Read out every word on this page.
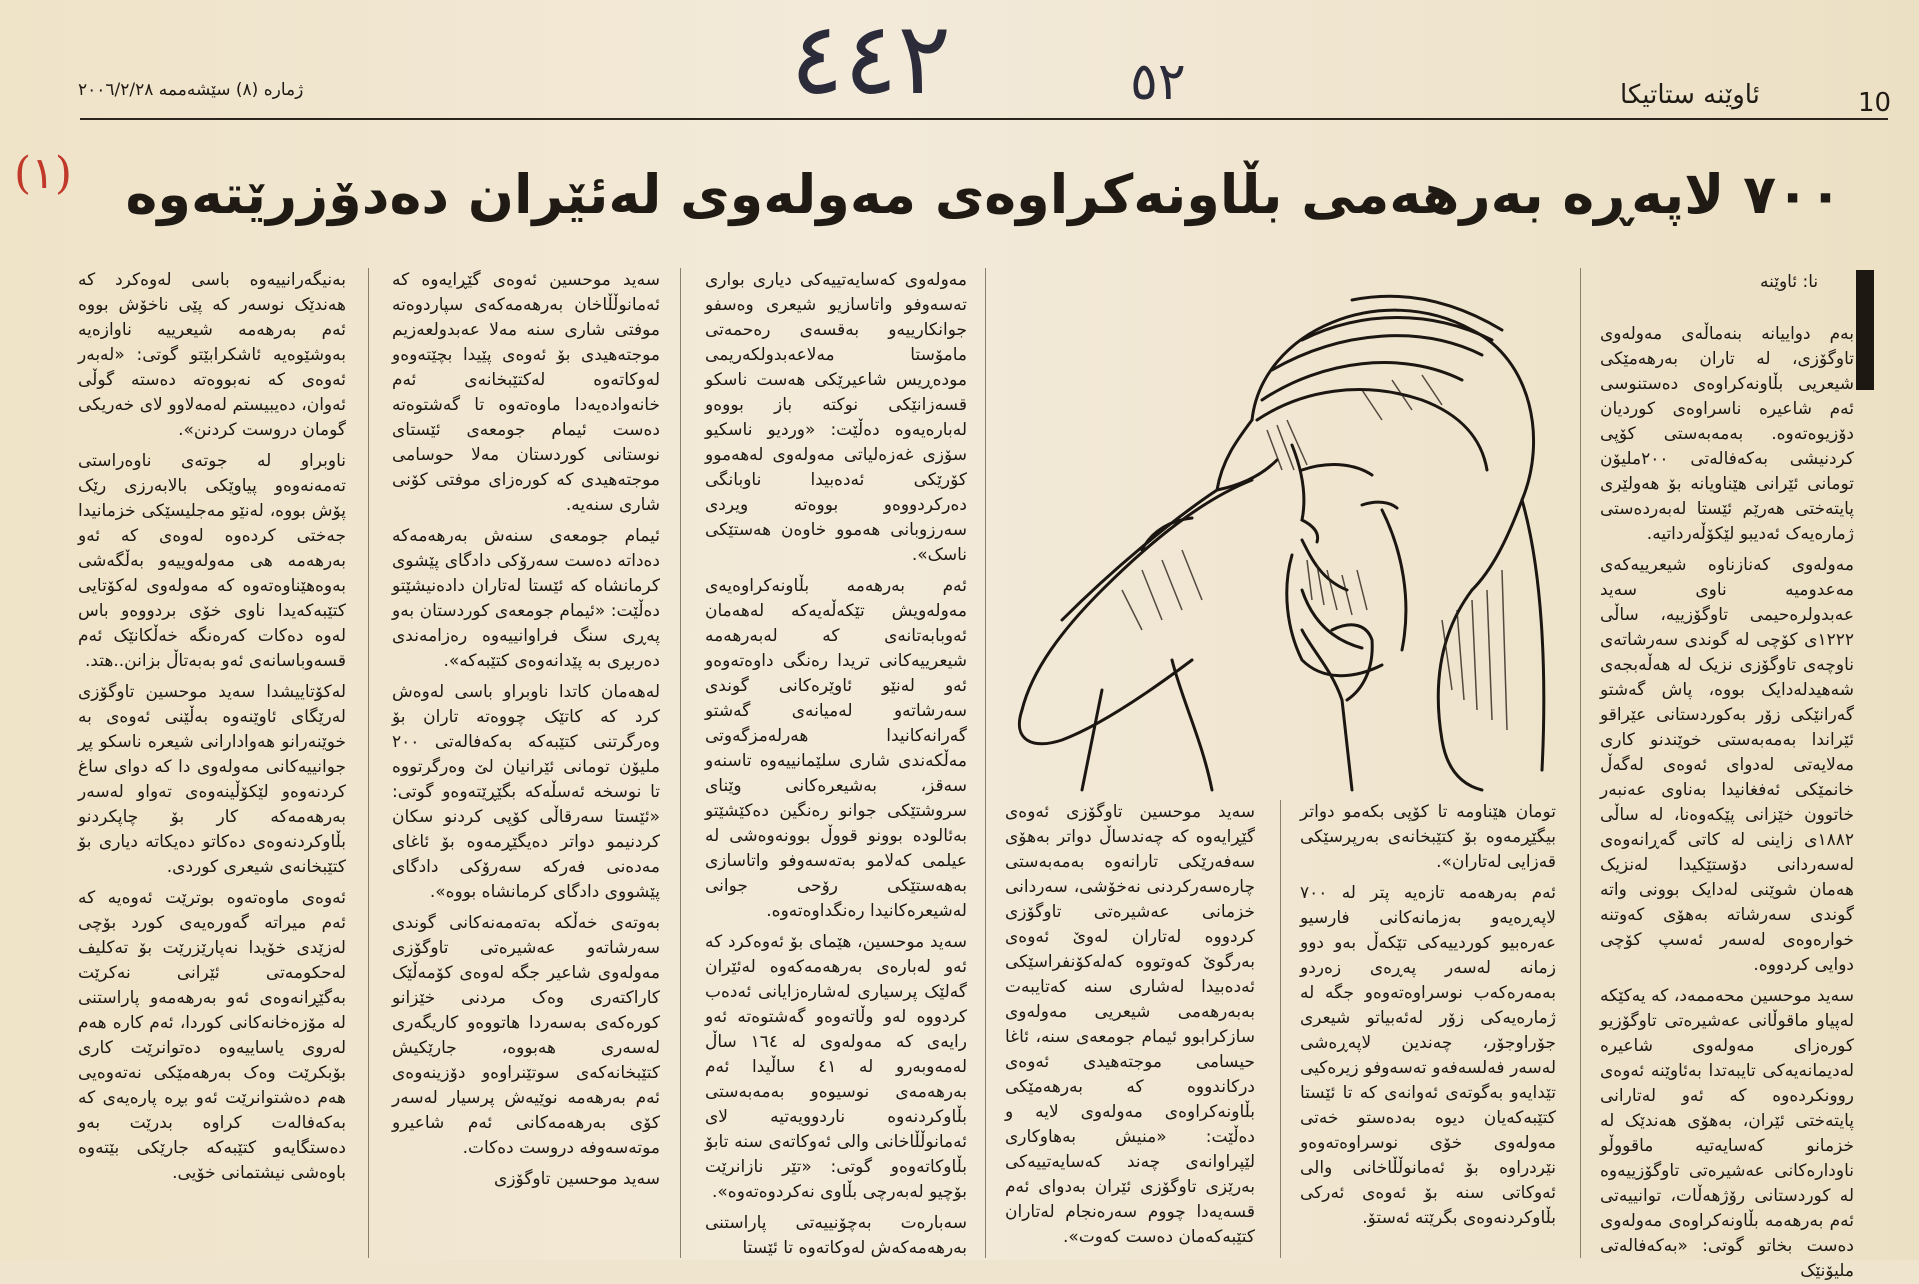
٤٤٢	٥٢
ژمارە (٨) سێشەممە ٢٠٠٦/٢/٢٨	ئاوێنە ستاتیکا	10
(١) ٧٠٠ لاپەڕە بەرهەمی بڵاونەکراوەی مەولەوی لەئێران دەدۆزرێتەوە
نا: ئاوێنە

بەم دواییانە بنەماڵەی مەولەوی تاوگۆزی، لە تاران بەرهەمێکی شیعریی بڵاونەکراوەی دەستنوسی ئەم شاعیرە ناسراوەی کوردیان دۆزیوەتەوە. بەمەبەستی کۆپی کردنیشی بەکەفالەتی ٢٠٠ملیۆن تومانی ئێرانی هێناویانە بۆ هەولێری پایتەختی هەرێم ئێستا لەبەردەستی ژمارەیەک ئەدیبو لێکۆڵەرداتیە.

مەولەوی کەنازناوە شیعرییەکەی مەعدومیە ناوی سەید عەبدولرەحیمی تاوگۆزییە، ساڵی ١٢٢٢ی کۆچی لە گوندی سەرشاتەی ناوچەی تاوگۆزی نزیک لە هەڵەبجەی شەهیدلەدایک بووە، پاش گەشتو گەرانێکی زۆر بەکوردستانی عێراقو ئێراندا بەمەبەستی خوێندنو کاری مەلایەتی لەدوای ئەوەی لەگەڵ خانمێکی ئەفغانیدا بەناوی عەنبەر خاتوون خێزانی پێکەوەنا، لە ساڵی ١٨٨٢ی زاینی لە کاتی گەڕانەوەی لەسەردانی دۆستێکیدا لەنزیک هەمان شوێنی لەدایک بوونی واتە گوندی سەرشاتە بەهۆی کەوتنە خوارەوەی لەسەر ئەسپ کۆچی دوایی کردووە.

سەید موحسین محەممەد، کە یەکێکە لەپیاو ماقوڵانی عەشیرەتی تاوگۆزیو کورەزای مەولەوی شاعیرە لەدیمانەیەکی تایبەتدا بەئاوێنە ئەوەی روونکردەوە کە ئەو لەتارانی پایتەختی ئێران، بەهۆی هەندێک لە خزمانو کەسایەتیە ماقووڵو ناودارەکانی عەشیرەتی تاوگۆزییەوە لە کوردستانی رۆژهەڵات، توانییەتی ئەم بەرهەمە بڵاونەکراوەی مەولەوی دەست بخاتو گوتی: «بەکەفالەتی ملیۆنێک

تومان هێناومە تا کۆپی بکەمو دواتر بیگێڕمەوە بۆ کتێبخانەی بەرپرسێکی قەزایی لەتاران».

ئەم بەرهەمە تازەیە پتر لە ٧٠٠ لاپەڕەیەو بەزمانەکانی فارسیو عەرەبیو کوردییەکی تێکەڵ بەو دوو زمانە لەسەر پەڕەی زەردو بەمەرەکەب نوسراوەتەوەو جگە لە ژمارەیەکی زۆر لەئەبیاتو شیعری جۆراوجۆر، چەندین لاپەڕەشی لەسەر فەلسەفەو تەسەوفو زیرەکیی تێدایەو بەگوتەی ئەوانەی کە تا ئێستا کتێبەکەیان دیوە بەدەستو خەتی مەولەوی خۆی نوسراوەتەوەو نێردراوە بۆ ئەمانوڵڵاخانی والی ئەوکاتی سنە بۆ ئەوەی ئەرکی بڵاوکردنەوەی بگرێتە ئەستۆ.

سەید موحسین تاوگۆزی ئەوەی گێڕایەوە کە چەندساڵ دواتر بەهۆی سەفەرێکی تارانەوە بەمەبەستی چارەسەرکردنی نەخۆشی، سەردانی خزمانی عەشیرەتی تاوگۆزی کردووە لەتاران لەوێ ئەوەی بەرگوێ کەوتووە کەلەکۆنفراسێکی ئەدەبیدا لەشاری سنە کەتایبەت بەبەرهەمی شیعریی مەولەوی سازکرابوو ئیمام جومعەی سنە، ئاغا حیسامی موجتەهیدی ئەوەی درکاندووە کە بەرهەمێکی بڵاونەکراوەی مەولەوی لایە و دەڵێت: «منیش بەهاوکاری لێپراوانەی چەند کەسایەتییەکی بەرێزی تاوگۆزی ئێران بەدوای ئەم قسەیەدا چووم سەرەنجام لەتاران کتێبەکەمان دەست کەوت».

مەولەوی کەسایەتییەکی دیاری بواری تەسەوفو واتاسازیو شیعری وەسفو جوانکارییەو بەقسەی رەحمەتی مامۆستا مەلاعەبدولکەریمی مودەڕیس شاعیرێکی هەست ناسکو قسەزانێکی نوکتە باز بووەو لەبارەیەوە دەڵێت: «وردیو ناسکیو سۆزی غەزەلیاتی مەولەوی لەهەموو کۆرێکی ئەدەبیدا ناوبانگی دەرکردووەو بووەتە ویردی سەرزوبانی هەموو خاوەن هەستێکی ناسک».

ئەم بەرهەمە بڵاونەکراوەیەی مەولەویش تێکەڵەیەکە لەهەمان ئەوبابەتانەی کە لەبەرهەمە شیعرییەکانی تریدا رەنگی داوەتەوەو ئەو لەنێو ئاوێرەکانی گوندی سەرشاتەو لەمیانەی گەشتو گەرانەکانیدا هەرلەمزگەوتی مەڵکەندی شاری سلێمانییەوە تاسنەو سەقز، بەشیعرەکانی وێنای سروشتێکی جوانو رەنگین دەکێشێتو بەئالودە بوونو قووڵ بوونەوەشی لە عیلمی کەلامو بەتەسەوفو واتاسازی بەهەستێکی رۆحی جوانی لەشیعرەکانیدا رەنگداوەتەوە.

سەید موحسین، هێمای بۆ ئەوەکرد کە ئەو لەبارەی بەرهەمەکەوە لەئێران گەلێک پرسیاری لەشارەزایانی ئەدەب کردووە لەو وڵاتەوەو گەشتوەتە ئەو رایەی کە مەولەوی لە ١٦٤ ساڵ لەمەوبەرو لە ٤١ ساڵیدا ئەم بەرهەمەی نوسیوەو بەمەبەستی بڵاوکردنەوە ناردوویەتیە لای ئەمانوڵڵاخانی والی ئەوکاتەی سنە تابۆ بڵاوکاتەوەو گوتی: «تێر نازانرێت بۆچیو لەبەرچی بڵاوی نەکردوەتەوە».

سەبارەت بەچۆنییەتی پاراستنی بەرهەمەکەش لەوکاتەوە تا ئێستا

سەید موحسین ئەوەی گێڕایەوە کە ئەمانوڵڵاخان بەرهەمەکەی سپاردوەتە موفتی شاری سنە مەلا عەبدولعەزیم موجتەهیدی بۆ ئەوەی پێیدا بچێتەوەو لەوکاتەوە لەکتێبخانەی ئەم خانەوادەیەدا ماوەتەوە تا گەشتوەتە دەست ئیمام جومعەی ئێستای نوستانی کوردستان مەلا حوسامی موجتەهیدی کە کورەزای موفتی کۆنی شاری سنەیە.

ئیمام جومعەی سنەش بەرهەمەکە دەداتە دەست سەرۆکی دادگای پێشوی کرمانشاە کە ئێستا لەتاران دادەنیشێتو دەڵێت: «ئیمام جومعەی کوردستان بەو پەڕی سنگ فراوانییەوە رەزامەندی دەربڕی بە پێدانەوەی کتێبەکە».

لەهەمان کاتدا ناوبراو باسی لەوەش کرد کە کاتێک چووەتە تاران بۆ وەرگرتنی کتێبەکە بەکەفالەتی ٢٠٠ ملیۆن تومانی ئێرانیان لێ وەرگرتووە تا نوسخە ئەسڵەکە بگێڕێتەوەو گوتی: «ئێستا سەرقاڵی کۆپی کردنو سکان کردنیمو دواتر دەیگێڕمەوە بۆ ئاغای مەدەنی فەرکە سەرۆکی دادگای پێشووی دادگای کرمانشاە بووە».

بەوتەی خەڵکە بەتەمەنەکانی گوندی سەرشاتەو عەشیرەتی تاوگۆزی مەولەوی شاعیر جگە لەوەی کۆمەڵێک کاراکتەری وەک مردنی خێزانو کورەکەی بەسەردا هاتووەو کاریگەری لەسەری هەبووە، جارێکیش کتێبخانەکەی سوتێنراوەو دۆزینەوەی ئەم بەرهەمە نوێیەش پرسیار لەسەر کۆی بەرهەمەکانی ئەم شاعیرو موتەسەوفە دروست دەکات.

سەید موحسین تاوگۆزی

بەنیگەرانییەوە باسی لەوەکرد کە هەندێک نوسەر کە پێی ناخۆش بووە ئەم بەرهەمە شیعرییە ناوازەیە بەوشێوەیە ئاشکرابێتو گوتی: «لەبەر ئەوەی کە نەبووەتە دەستە گوڵی ئەوان، دەیبیستم لەمەلاوو لای خەریکی گومان دروست کردنن».

ناوبراو لە جوتەی ناوەراستی تەمەنەوەو پیاوێکی بالابەرزی رێک پۆش بووە، لەنێو مەجلیسێکی خزمانیدا جەختی کردەوە لەوەی کە ئەو بەرهەمە هی مەولەوییەو بەڵگەشی بەوەهێناوەتەوە کە مەولەوی لەکۆتایی کتێبەکەیدا ناوی خۆی بردووەو باس لەوە دەکات کەرەنگە خەڵکانێک ئەم قسەوباسانەی ئەو بەبەتاڵ بزانن..هتد.

لەکۆتاییشدا سەید موحسین تاوگۆزی لەرێگای ئاوێنەوە بەڵێنی ئەوەی بە خوێنەرانو هەوادارانی شیعرە ناسکو پڕ جوانییەکانی مەولەوی دا کە دوای ساغ کردنەوەو لێکۆڵینەوەی تەواو لەسەر بەرهەمەکە کار بۆ چاپکردنو بڵاوکردنەوەی دەکاتو دەیکاتە دیاری بۆ کتێبخانەی شیعری کوردی.

ئەوەی ماوەتەوە بوترێت ئەوەیە کە ئەم میراتە گەورەیەی کورد بۆچی لەزێدی خۆیدا نەپارێزرێت بۆ تەکلیف لەحکومەتی ئێرانی نەکرێت بەگێڕانەوەی ئەو بەرهەمەو پاراستنی لە مۆزەخانەکانی کوردا، ئەم کارە هەم لەروی یاساییەوە دەتوانرێت کاری بۆبکرێت وەک بەرهەمێکی نەتەوەیی هەم دەشتوانرێت ئەو بڕە پارەیەی کە بەکەفالەت کراوە بدرێت بەو دەستگایەو کتێبەکە جارێکی بێتەوە باوەشی نیشتمانی خۆیی.
